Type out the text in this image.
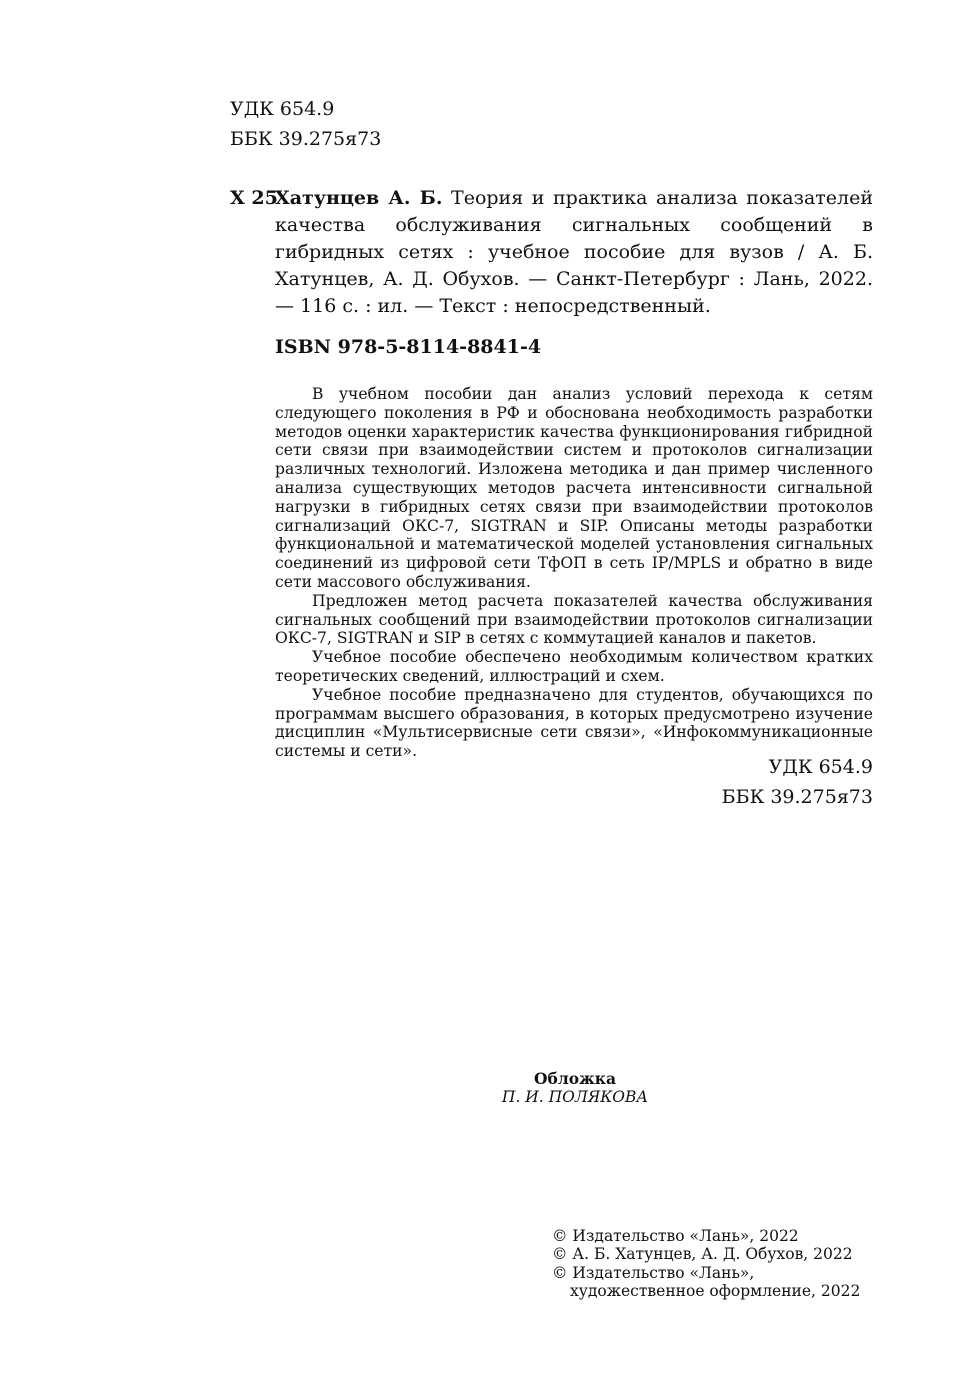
УДК 654.9
ББК 39.275я73
Х 25
Хатунцев А. Б. Теория и практика анализа показателей качества обслуживания сигнальных сообщений в гибридных сетях : учебное пособие для вузов / А. Б. Хатунцев, А. Д. Обухов. — Санкт-Петербург : Лань, 2022. — 116 с. : ил. — Текст : непосредственный.
ISBN 978-5-8114-8841-4

В учебном пособии дан анализ условий перехода к сетям следующего поколения в РФ и обоснована необходимость разработки методов оценки характеристик качества функционирования гибридной сети связи при взаимодействии систем и протоколов сигнализации различных технологий. Изложена методика и дан пример численного анализа существующих методов расчета интенсивности сигнальной нагрузки в гибридных сетях связи при взаимодействии протоколов сигнализаций ОКС-7, SIGTRAN и SIP. Описаны методы разработки функциональной и математической моделей установления сигнальных соединений из цифровой сети ТфОП в сеть IP/MPLS и обратно в виде сети массового обслуживания.

Предложен метод расчета показателей качества обслуживания сигнальных сообщений при взаимодействии протоколов сигнализации ОКС-7, SIGTRAN и SIP в сетях с коммутацией каналов и пакетов.

Учебное пособие обеспечено необходимым количеством кратких теоретических сведений, иллюстраций и схем.

Учебное пособие предназначено для студентов, обучающихся по программам высшего образования, в которых предусмотрено изучение дисциплин «Мультисервисные сети связи», «Инфокоммуникационные системы и сети».

УДК 654.9
ББК 39.275я73
Обложка
П. И. ПОЛЯКОВА
© Издательство «Лань», 2022
© А. Б. Хатунцев, А. Д. Обухов, 2022
© Издательство «Лань»,
художественное оформление, 2022
